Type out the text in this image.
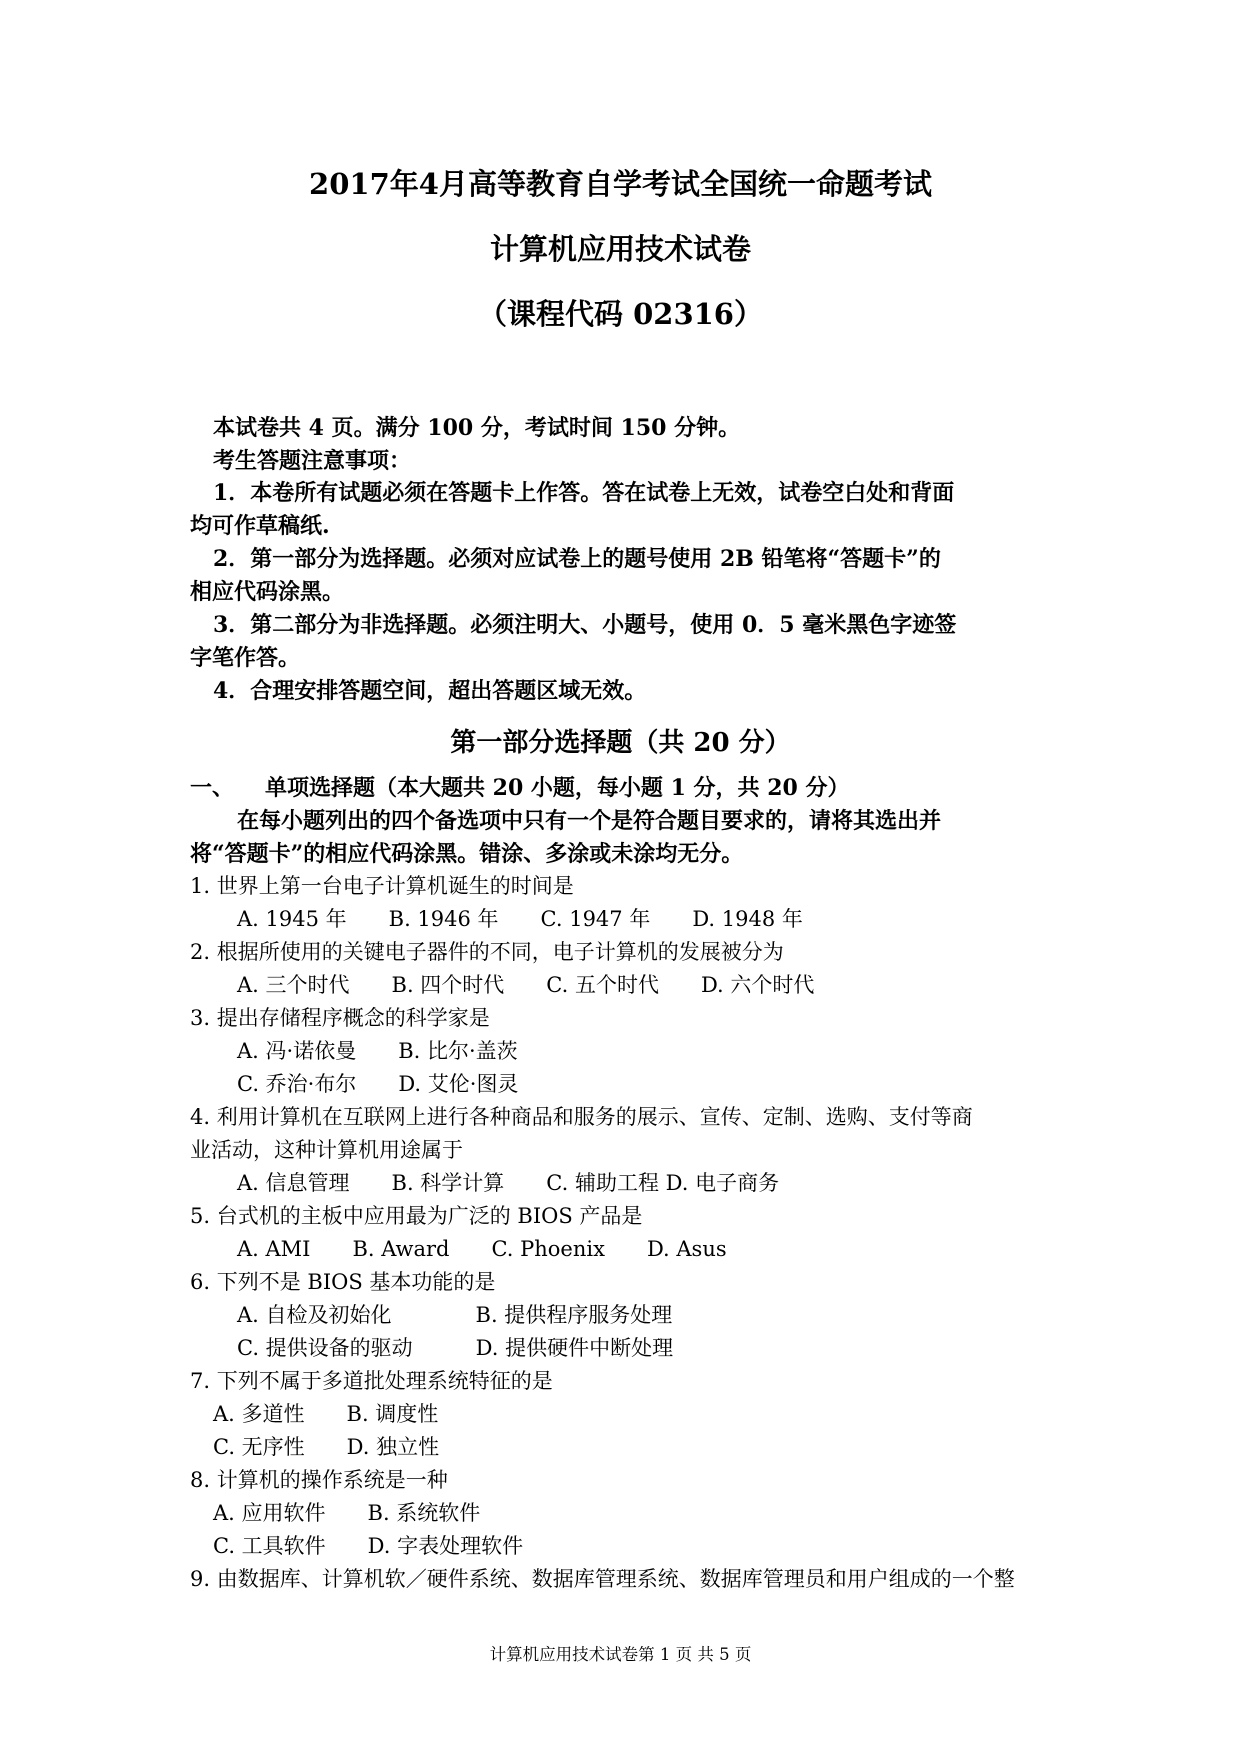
2017年4月高等教育自学考试全国统一命题考试
计算机应用技术试卷
（课程代码 02316）
本试卷共 4 页。满分 100 分，考试时间 150 分钟。
考生答题注意事项：
1．本卷所有试题必须在答题卡上作答。答在试卷上无效，试卷空白处和背面
均可作草稿纸.
2．第一部分为选择题。必须对应试卷上的题号使用 2B 铅笔将“答题卡”的
相应代码涂黑。
3．第二部分为非选择题。必须注明大、小题号，使用 0．5 毫米黑色字迹签
字笔作答。
4．合理安排答题空间，超出答题区域无效。
第一部分选择题（共 20 分）
一、 单项选择题（本大题共 20 小题，每小题 1 分，共 20 分）
在每小题列出的四个备选项中只有一个是符合题目要求的，请将其选出并
将“答题卡”的相应代码涂黑。错涂、多涂或未涂均无分。
1. 世界上第一台电子计算机诞生的时间是
A. 1945 年　　B. 1946 年　　C. 1947 年　　D. 1948 年
2. 根据所使用的关键电子器件的不同，电子计算机的发展被分为
A. 三个时代　　B. 四个时代　　C. 五个时代　　D. 六个时代
3. 提出存储程序概念的科学家是
A. 冯·诺依曼　　B. 比尔·盖茨
C. 乔治·布尔　　D. 艾伦·图灵
4. 利用计算机在互联网上进行各种商品和服务的展示、宣传、定制、选购、支付等商
业活动，这种计算机用途属于
A. 信息管理　　B. 科学计算　　C. 辅助工程 D. 电子商务
5. 台式机的主板中应用最为广泛的 BIOS 产品是
A. AMI　　B. Award　　C. Phoenix　　D. Asus
6. 下列不是 BIOS 基本功能的是
A. 自检及初始化　　　　B. 提供程序服务处理
C. 提供设备的驱动　　　D. 提供硬件中断处理
7. 下列不属于多道批处理系统特征的是
A. 多道性　　B. 调度性
C. 无序性　　D. 独立性
8. 计算机的操作系统是一种
A. 应用软件　　B. 系统软件
C. 工具软件　　D. 字表处理软件
9. 由数据库、计算机软／硬件系统、数据库管理系统、数据库管理员和用户组成的一个整
计算机应用技术试卷第 1 页 共 5 页
